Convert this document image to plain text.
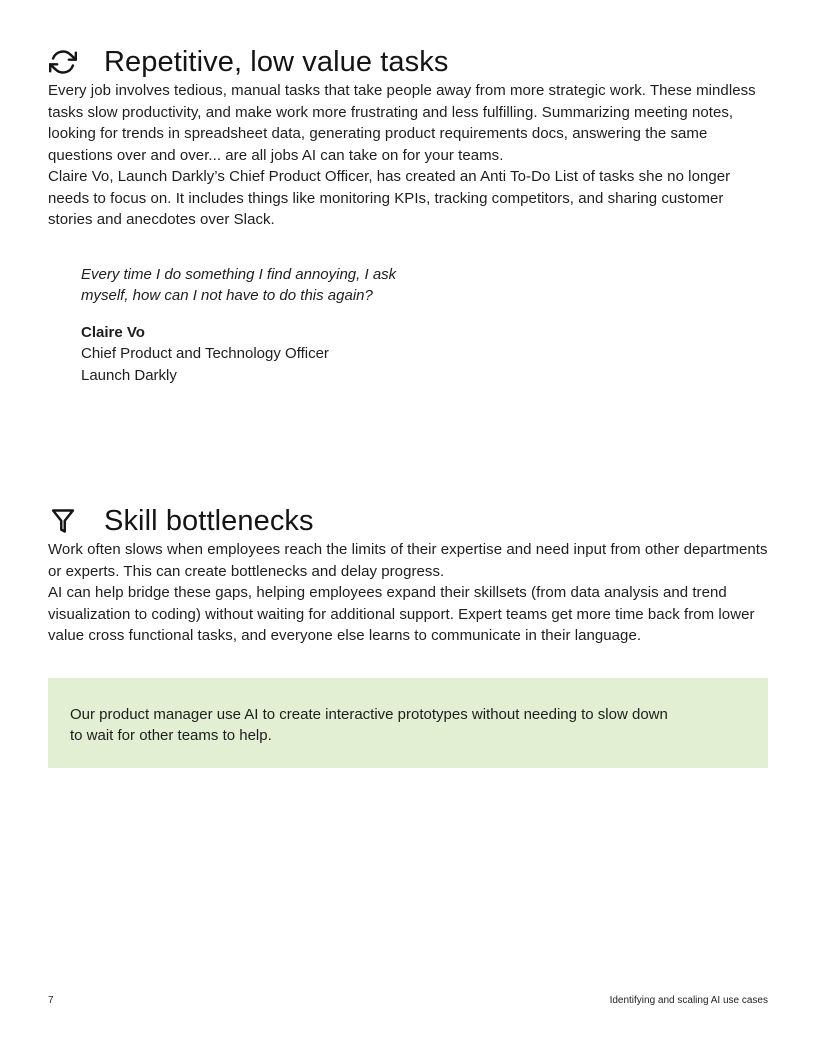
Repetitive, low value tasks

Every job involves tedious, manual tasks that take people away from more strategic work. These mindless tasks slow productivity, and make work more frustrating and less fulfilling. Summarizing meeting notes, looking for trends in spreadsheet data, generating product requirements docs, answering the same questions over and over... are all jobs AI can take on for your teams.

Claire Vo, Launch Darkly’s Chief Product Officer, has created an Anti To-Do List of tasks she no longer needs to focus on. It includes things like monitoring KPIs, tracking competitors, and sharing customer stories and anecdotes over Slack.

Every time I do something I find annoying, I ask
myself, how can I not have to do this again?
Claire Vo
Chief Product and Technology Officer
Launch Darkly
Skill bottlenecks

Work often slows when employees reach the limits of their expertise and need input from other departments or experts. This can create bottlenecks and delay progress.

AI can help bridge these gaps, helping employees expand their skillsets (from data analysis and trend visualization to coding) without waiting for additional support. Expert teams get more time back from lower value cross functional tasks, and everyone else learns to communicate in their language.

Our product manager use AI to create interactive prototypes without needing to slow down
to wait for other teams to help.
7	Identifying and scaling AI use cases
